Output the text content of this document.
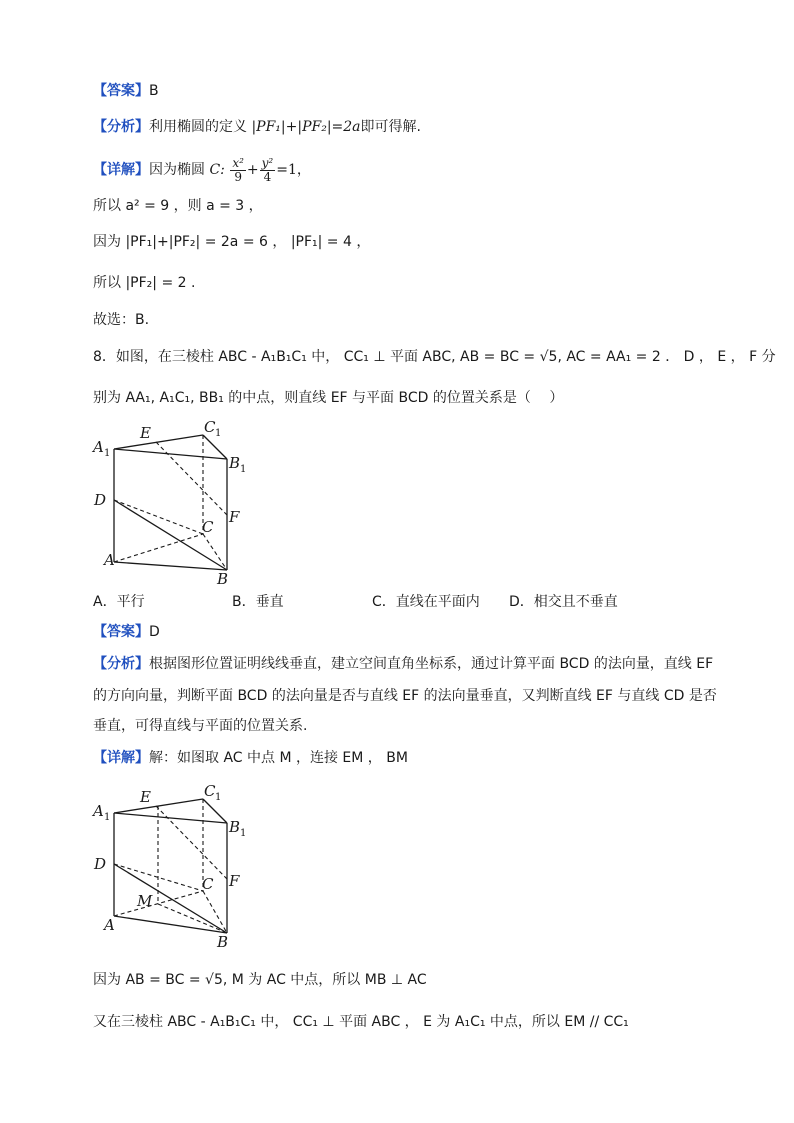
【答案】B
【分析】利用椭圆的定义 |PF₁|+|PF₂|=2a即可得解.
【详解】因为椭圆 C: $\frac{\text{x²}}{9} + \frac{\text{y²}}{4} =1$，
所以 a² = 9 ，则 a = 3 ，
因为 |PF₁|+|PF₂| = 2a = 6 ， |PF₁| = 4 ，
所以 |PF₂| = 2 .
故选：B.
8．如图，在三棱柱 ABC - A₁B₁C₁ 中， CC₁ ⊥ 平面 ABC, AB = BC = √5, AC = AA₁ = 2 ． D ， E ， F 分
别为 AA₁, A₁C₁, BB₁ 的中点，则直线 EF 与平面 BCD 的位置关系是（　 ）
A 1
E	C 1
B 1
D
F
C
A
B
A．平行	B．垂直	C．直线在平面内 D．相交且不垂直
【答案】D
【分析】根据图形位置证明线线垂直，建立空间直角坐标系，通过计算平面 BCD 的法向量，直线 EF
的方向向量，判断平面 BCD 的法向量是否与直线 EF 的法向量垂直，又判断直线 EF 与直线 CD 是否
垂直，可得直线与平面的位置关系.
【详解】解：如图取 AC 中点 M ，连接 EM ， BM
A 1
E	C 1
B 1
D
F
C
M
A
B
因为 AB = BC = √5, M 为 AC 中点，所以 MB ⊥ AC
又在三棱柱 ABC - A₁B₁C₁ 中， CC₁ ⊥ 平面 ABC ， E 为 A₁C₁ 中点，所以 EM // CC₁
